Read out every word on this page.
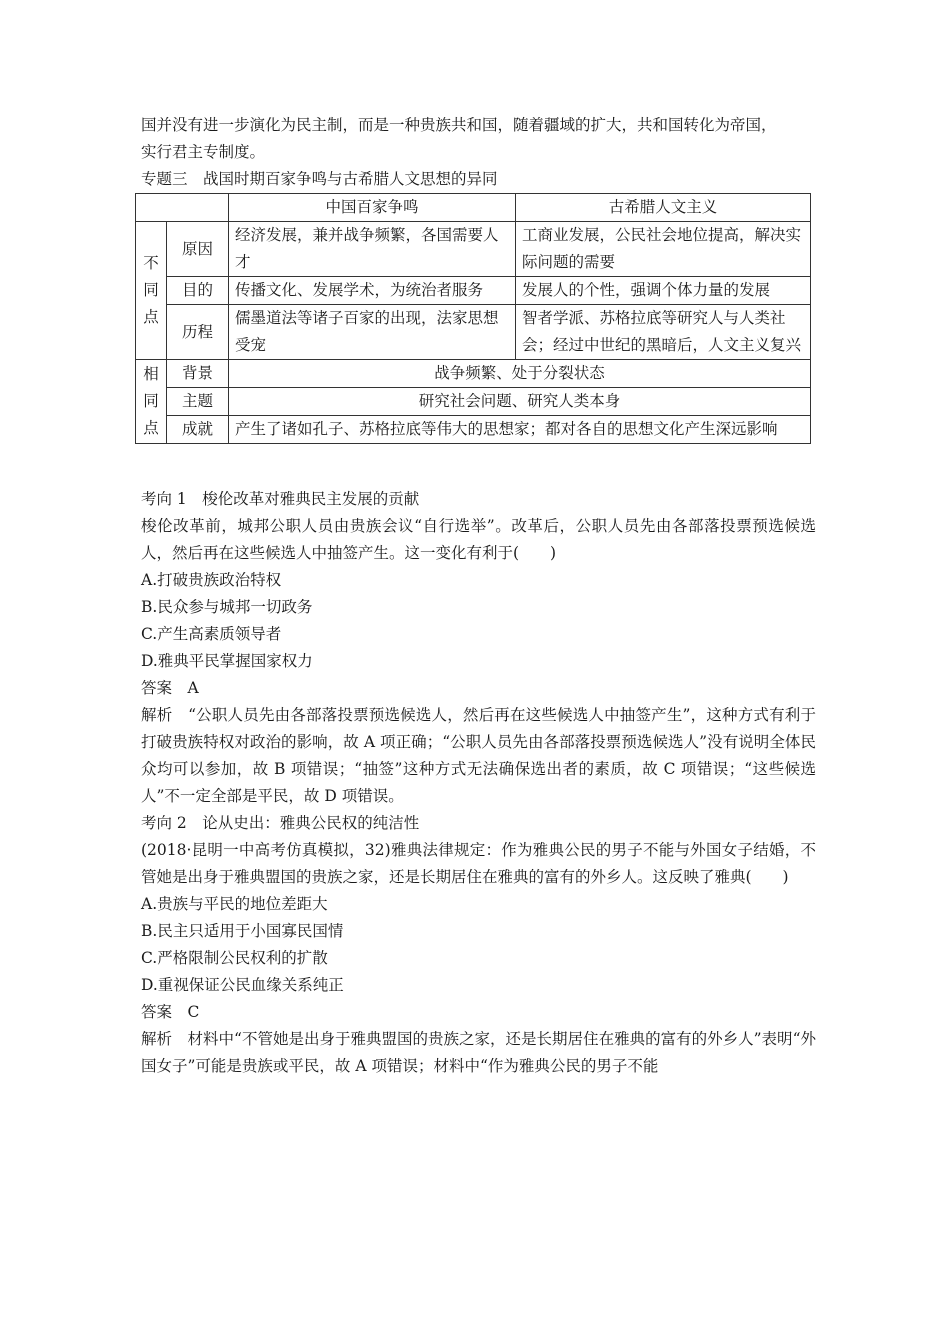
国并没有进一步演化为民主制，而是一种贵族共和国，随着疆域的扩大，共和国转化为帝国，

实行君主专制度。

专题三　战国时期百家争鸣与古希腊人文思想的异同

		中国百家争鸣	古希腊人文主义

不
同
点	原因	经济发展，兼并战争频繁，各国需要人才	工商业发展，公民社会地位提高，解决实际问题的需要
	目的	传播文化、发展学术，为统治者服务	发展人的个性，强调个体力量的发展
	历程	儒墨道法等诸子百家的出现，法家思想受宠	智者学派、苏格拉底等研究人与人类社会；经过中世纪的黑暗后，人文主义复兴

相
同
点	背景	战争频繁、处于分裂状态	
	主题	研究社会问题、研究人类本身	
	成就	产生了诸如孔子、苏格拉底等伟大的思想家；都对各自的思想文化产生深远影响	

考向 1　梭伦改革对雅典民主发展的贡献

梭伦改革前，城邦公职人员由贵族会议“自行选举”。改革后，公职人员先由各部落投票预选候选人，然后再在这些候选人中抽签产生。这一变化有利于(　　)

A.打破贵族政治特权

B.民众参与城邦一切政务

C.产生高素质领导者

D.雅典平民掌握国家权力

答案　A

解析　“公职人员先由各部落投票预选候选人，然后再在这些候选人中抽签产生”，这种方式有利于打破贵族特权对政治的影响，故 A 项正确；“公职人员先由各部落投票预选候选人”没有说明全体民众均可以参加，故 B 项错误；“抽签”这种方式无法确保选出者的素质，故 C 项错误；“这些候选人”不一定全部是平民，故 D 项错误。

考向 2　论从史出：雅典公民权的纯洁性

(2018·昆明一中高考仿真模拟，32)雅典法律规定：作为雅典公民的男子不能与外国女子结婚，不管她是出身于雅典盟国的贵族之家，还是长期居住在雅典的富有的外乡人。这反映了雅典(　　)

A.贵族与平民的地位差距大

B.民主只适用于小国寡民国情

C.严格限制公民权利的扩散

D.重视保证公民血缘关系纯正

答案　C

解析　材料中“不管她是出身于雅典盟国的贵族之家，还是长期居住在雅典的富有的外乡人”表明“外国女子”可能是贵族或平民，故 A 项错误；材料中“作为雅典公民的男子不能
